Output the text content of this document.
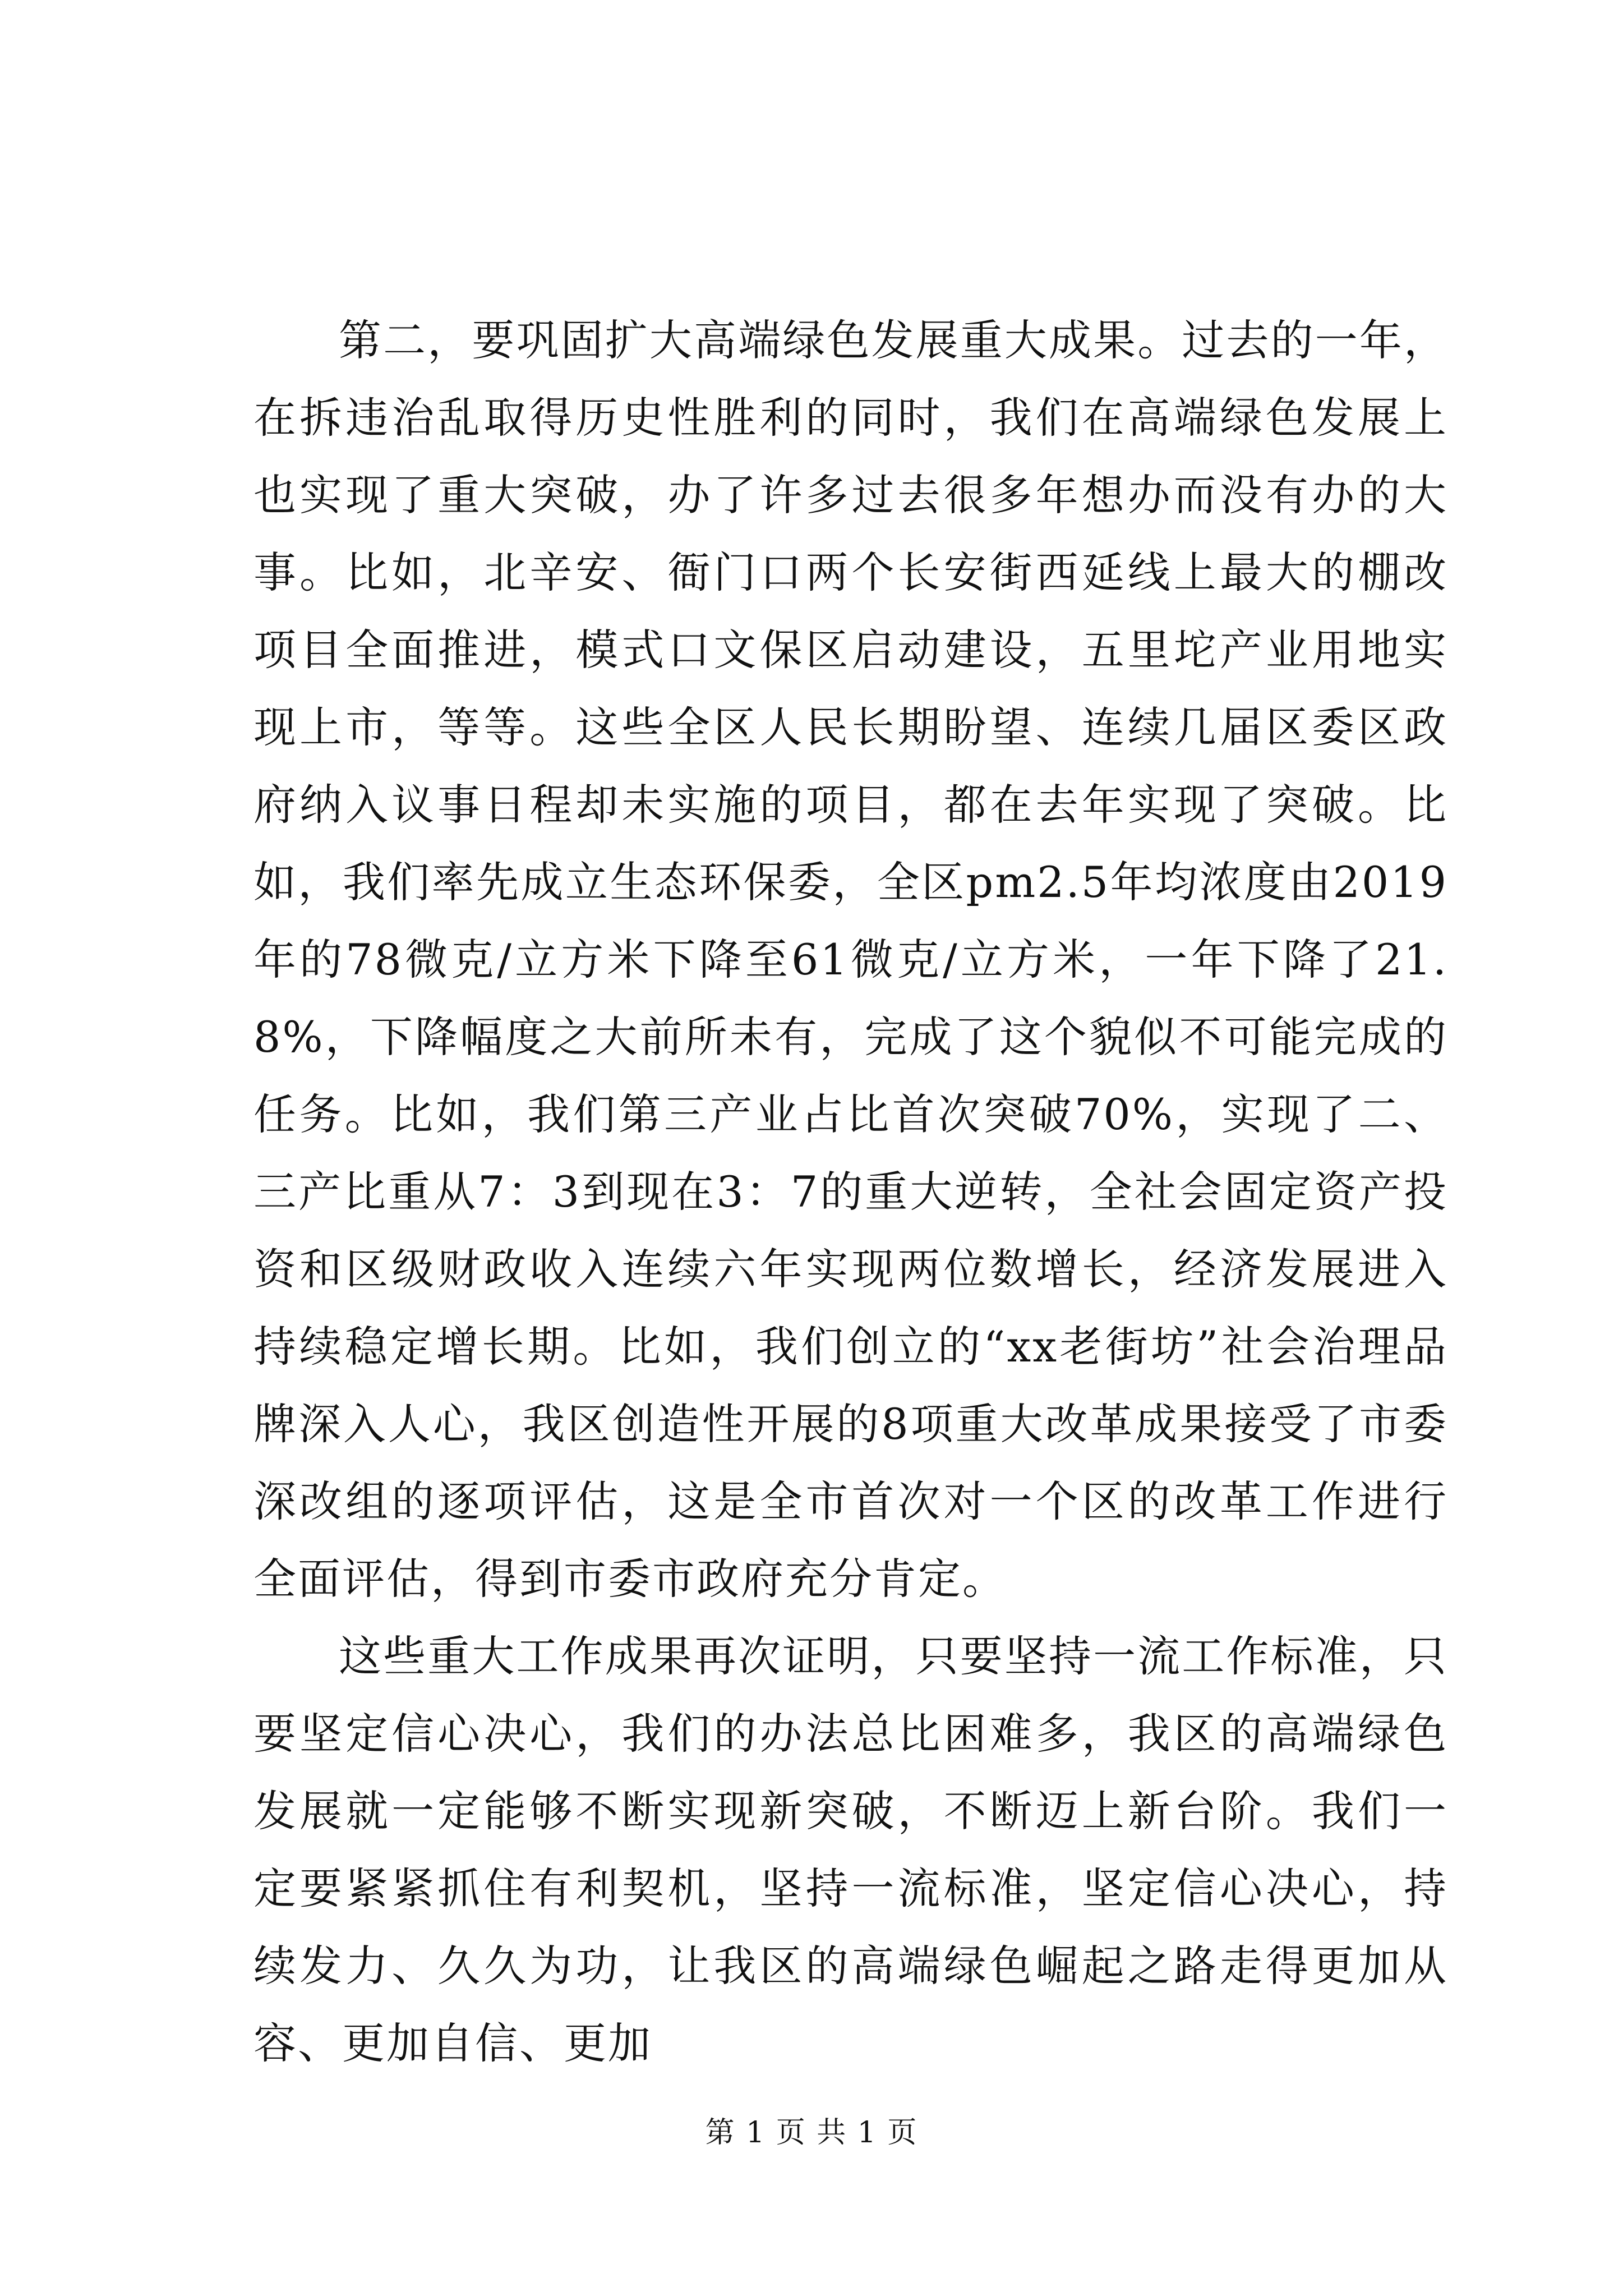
第二，要巩固扩大高端绿色发展重大成果。过去的一年，在拆违治乱取得历史性胜利的同时，我们在高端绿色发展上也实现了重大突破，办了许多过去很多年想办而没有办的大事。比如，北辛安、衙门口两个长安街西延线上最大的棚改项目全面推进，模式口文保区启动建设，五里坨产业用地实现上市，等等。这些全区人民长期盼望、连续几届区委区政府纳入议事日程却未实施的项目，都在去年实现了突破。比如，我们率先成立生态环保委，全区pm2.5年均浓度由2019年的78微克/立方米下降至61微克/立方米，一年下降了21.8%，下降幅度之大前所未有，完成了这个貌似不可能完成的任务。比如，我们第三产业占比首次突破70%，实现了二、三产比重从7：3到现在3：7的重大逆转，全社会固定资产投资和区级财政收入连续六年实现两位数增长，经济发展进入持续稳定增长期。比如，我们创立的“xx老街坊”社会治理品牌深入人心，我区创造性开展的8项重大改革成果接受了市委深改组的逐项评估，这是全市首次对一个区的改革工作进行全面评估，得到市委市政府充分肯定。

这些重大工作成果再次证明，只要坚持一流工作标准，只要坚定信心决心，我们的办法总比困难多，我区的高端绿色发展就一定能够不断实现新突破，不断迈上新台阶。我们一定要紧紧抓住有利契机，坚持一流标准，坚定信心决心，持续发力、久久为功，让我区的高端绿色崛起之路走得更加从容、更加自信、更加

第 1 页 共 1 页
